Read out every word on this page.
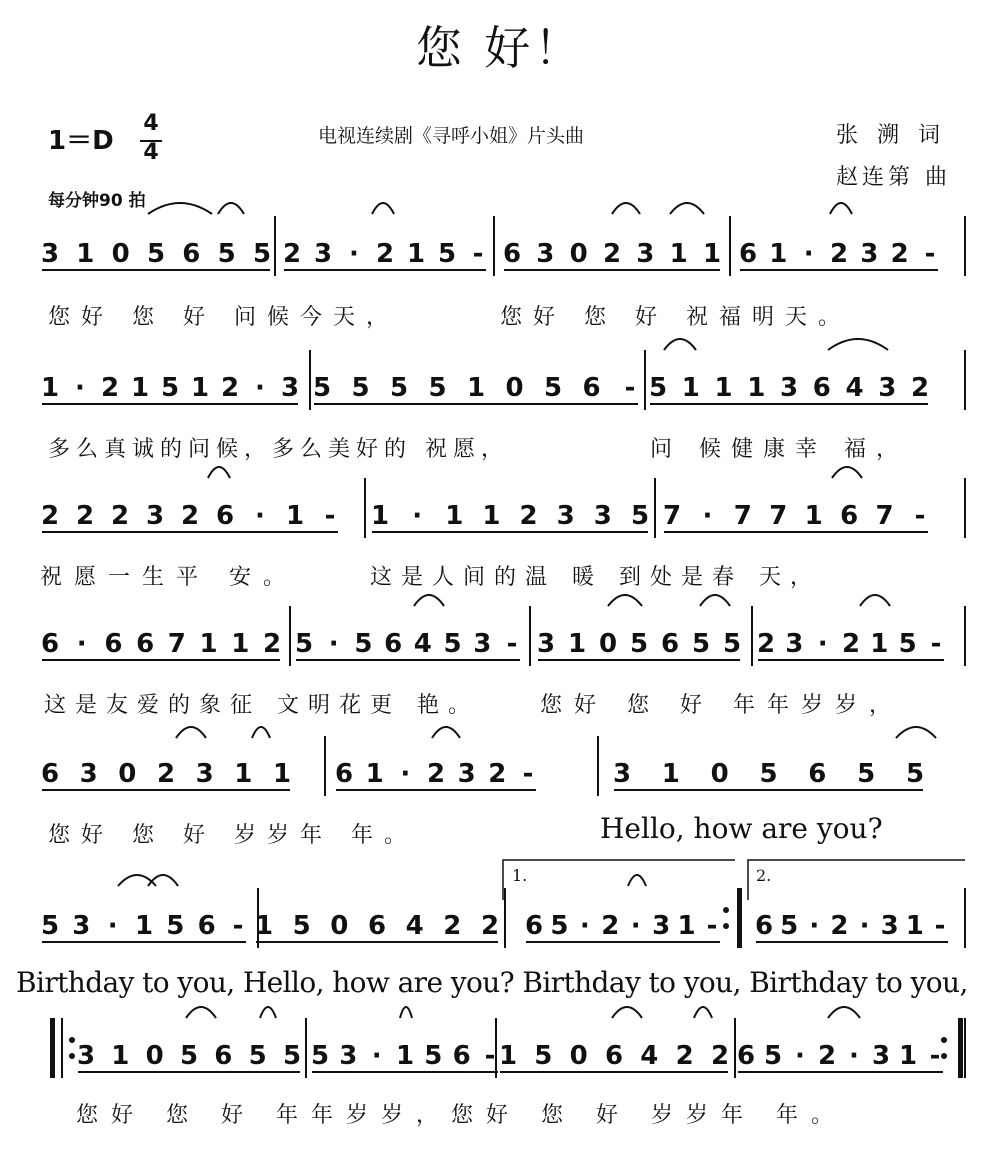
您 好！
1＝D
4
4
每分钟90 拍
电视连续剧《寻呼小姐》片头曲	张 溯 词
赵连第 曲
3 1 0 5 6 5 5 2 3 · 2 1 5 - 6 3 0 2 3 1 1 6 1 · 2 3 2 -
1 · 2 1 5 1 2 · 3 5 5 5 5 1 0 5 6 - 5 1 1 1 3 6 4 3 2
2 2 2 3 2 6 · 1 - 1 · 1 1 2 3 3 5 7 · 7 7 1 6 7 -
6 · 6 6 7 1 1 2 5 · 5 6 4 5 3 - 3 1 0 5 6 5 5 2 3 · 2 1 5 -
6 3 0 2 3 1 1 6 1 · 2 3 2 -	3 1 0 5 6 5 5
5 3 · 1 5 6 - 1 5 0 6 4 2 2 6 5 · 2 · 3 1 - 6 5 · 2 · 3 1 -
3 1 0 5 6 5 5 5 3 · 1 5 6 - 1 5 0 6 4 2 2 6 5 · 2 · 3 1 -
您好 您 好 问候今天，	您好 您 好 祝福明天。
多么真诚的问候，多么美好的 祝愿，	问 候健康幸 福，
祝愿一生平 安。	这是人间的温 暖 到处是春 天，
这是友爱的象征 文明花更 艳。	您好 您 好 年年岁岁，
您好 您 好 岁岁年 年。	Hello, how are you?
1.	2.
Birthday to you, Hello, how are you? Birthday to you, Birthday to you,
您好 您 好 年年岁岁，您好 您 好 岁岁年 年。
